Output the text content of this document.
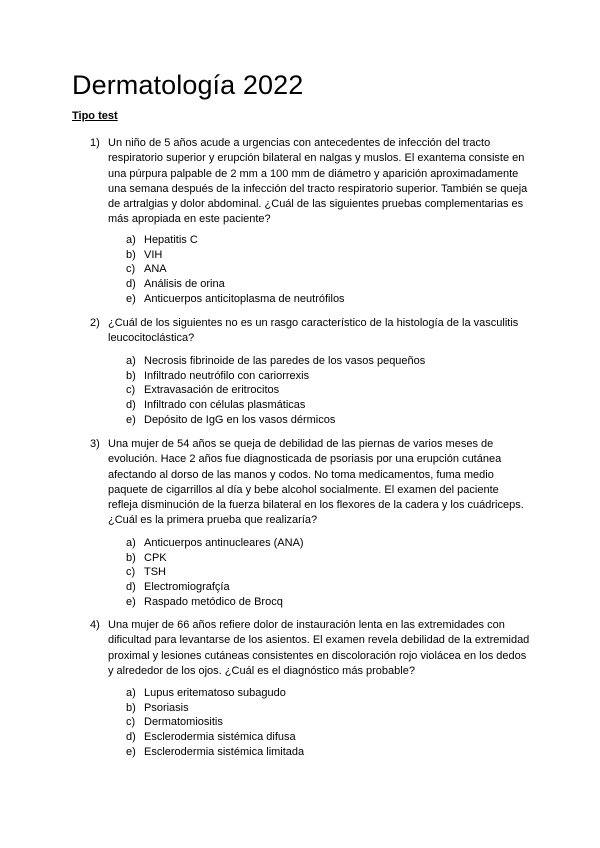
Dermatología 2022
Tipo test
1) Un niño de 5 años acude a urgencias con antecedentes de infección del tracto respiratorio superior y erupción bilateral en nalgas y muslos. El exantema consiste en una púrpura palpable de 2 mm a 100 mm de diámetro y aparición aproximadamente una semana después de la infección del tracto respiratorio superior. También se queja de artralgias y dolor abdominal. ¿Cuál de las siguientes pruebas complementarias es más apropiada en este paciente?
a) Hepatitis C
b) VIH
c) ANA
d) Análisis de orina
e) Anticuerpos anticitoplasma de neutrófilos
2) ¿Cuál de los siguientes no es un rasgo característico de la histología de la vasculitis leucocitoclástica?
a) Necrosis fibrinoide de las paredes de los vasos pequeños
b) Infiltrado neutrófilo con cariorrexis
c) Extravasación de eritrocitos
d) Infiltrado con células plasmáticas
e) Depósito de IgG en los vasos dérmicos
3) Una mujer de 54 años se queja de debilidad de las piernas de varios meses de evolución. Hace 2 años fue diagnosticada de psoriasis por una erupción cutánea afectando al dorso de las manos y codos. No toma medicamentos, fuma medio paquete de cigarrillos al día y bebe alcohol socialmente. El examen del paciente refleja disminución de la fuerza bilateral en los flexores de la cadera y los cuádriceps. ¿Cuál es la primera prueba que realizaría?
a) Anticuerpos antinucleares (ANA)
b) CPK
c) TSH
d) Electromiografçía
e) Raspado metódico de Brocq
4) Una mujer de 66 años refiere dolor de instauración lenta en las extremidades con dificultad para levantarse de los asientos. El examen revela debilidad de la extremidad proximal y lesiones cutáneas consistentes en discoloración rojo violácea en los dedos y alrededor de los ojos. ¿Cuál es el diagnóstico más probable?
a) Lupus eritematoso subagudo
b) Psoriasis
c) Dermatomiositis
d) Esclerodermia sistémica difusa
e) Esclerodermia sistémica limitada
